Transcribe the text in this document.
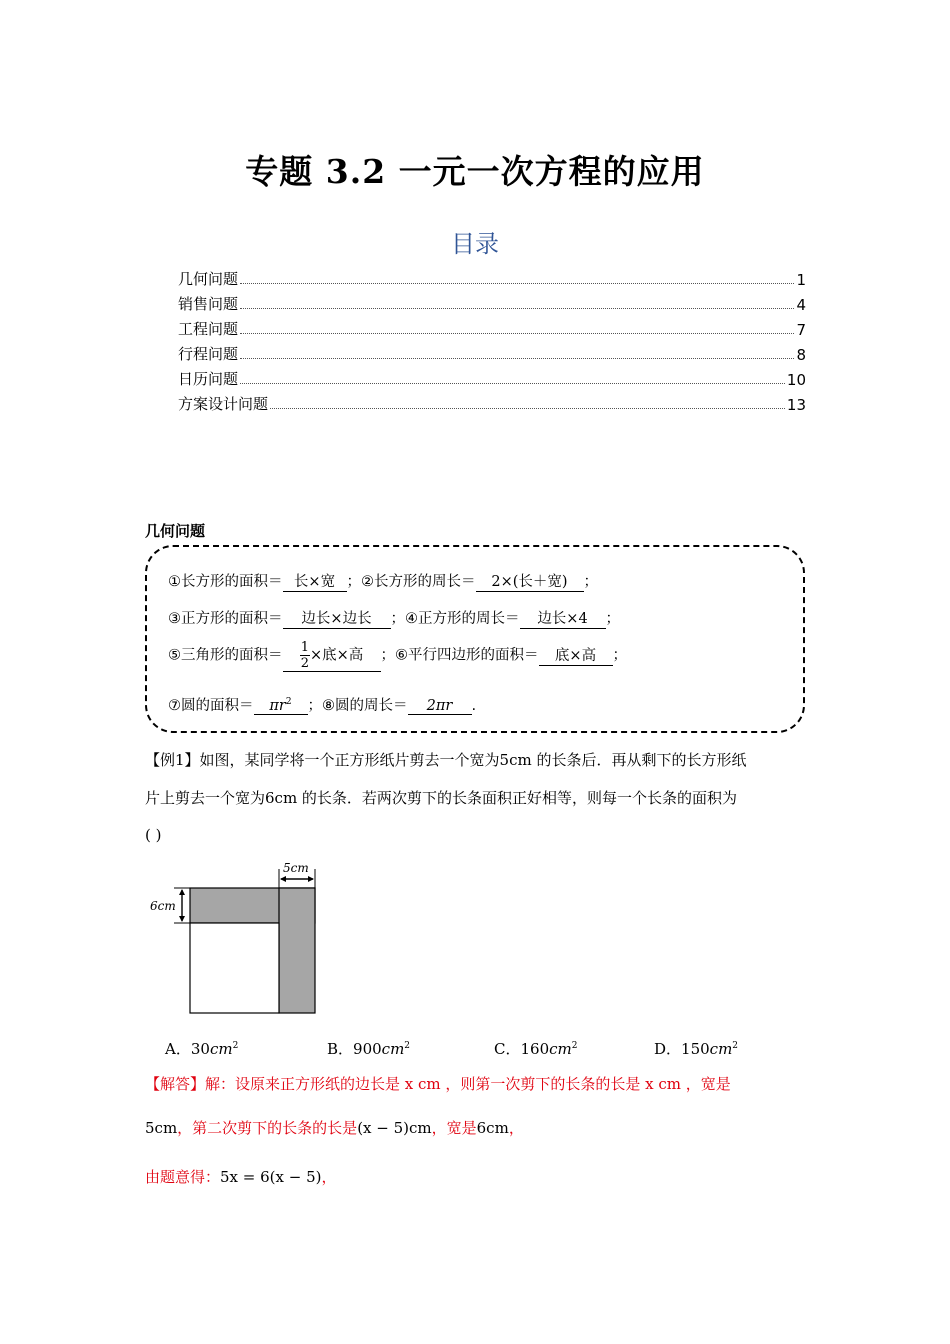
专题 3.2 一元一次方程的应用
目录
几何问题	1
销售问题	4
工程问题	7
行程问题	8
日历问题	10
方案设计问题	13
几何问题
①长方形的面积＝ 长×宽 ；②长方形的周长＝ 2×(长＋宽) ；
③正方形的面积＝ 边长×边长 ；④正方形的周长＝ 边长×4 ；
⑤三角形的面积＝ $\frac{1}{2}$ ×底×高 ；⑥平行四边形的面积＝ 底×高 ；
⑦圆的面积＝ $\pi r^2$ ；⑧圆的周长＝ 2πr .
【例1】如图，某同学将一个正方形纸片剪去一个宽为5cm 的长条后．再从剩下的长方形纸
片上剪去一个宽为6cm 的长条．若两次剪下的长条面积正好相等，则每一个长条的面积为
( )
5cm
6cm
A．$30cm^2$	B．$900cm^2$	C．$160cm^2$	D．$150cm^2$
【解答】解：设原来正方形纸的边长是 x cm ，则第一次剪下的长条的长是 x cm ，宽是
5cm，第二次剪下的长条的长是(x − 5)cm，宽是6cm，
由题意得：5x = 6(x − 5)，
